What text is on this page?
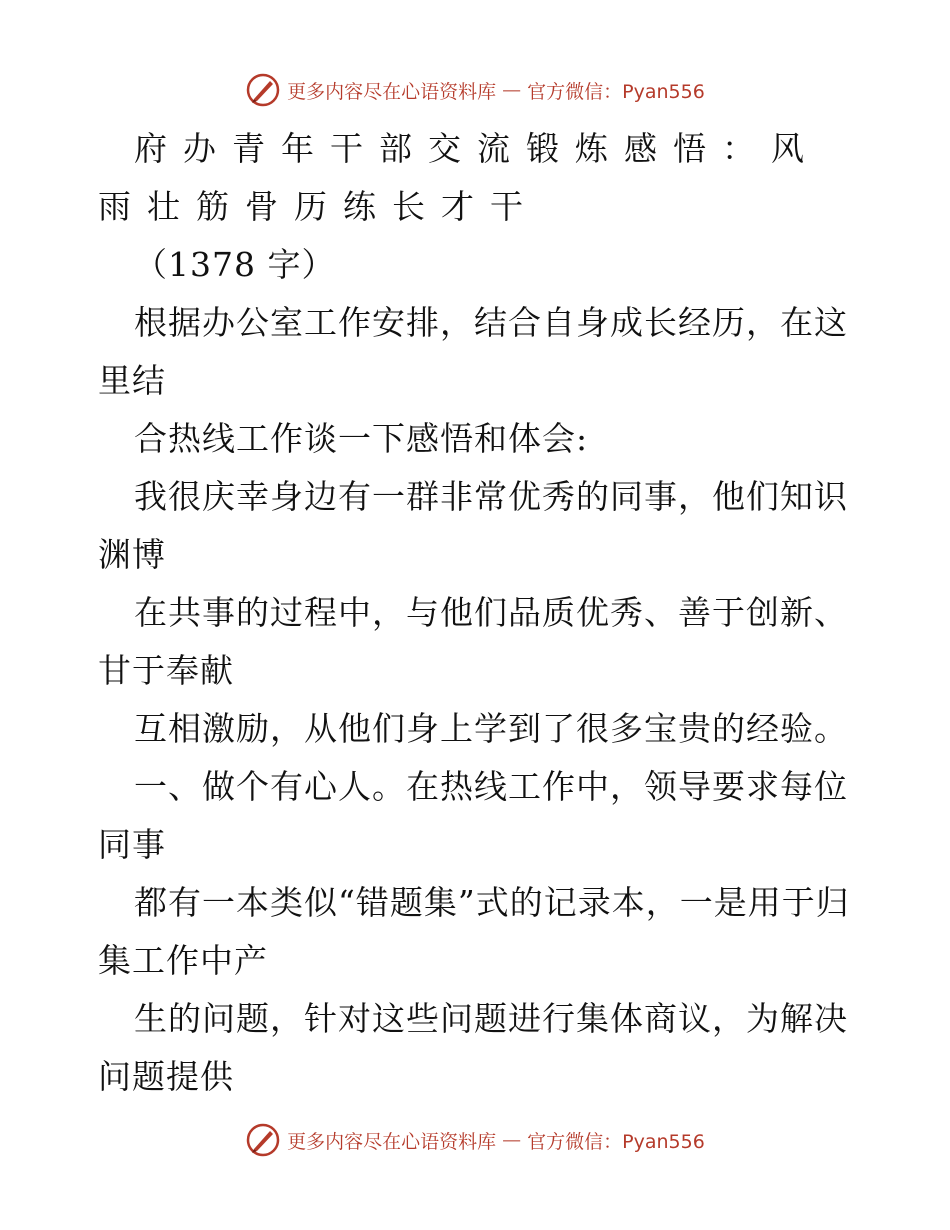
更多内容尽在心语资料库 — 官方微信：Pyan556
府办青年干部交流锻炼感悟：风雨壮筋骨历练长才干

（1378 字）

根据办公室工作安排，结合自身成长经历，在这里结

合热线工作谈一下感悟和体会:

我很庆幸身边有一群非常优秀的同事，他们知识渊博

在共事的过程中，与他们品质优秀、善于创新、甘于奉献

互相激励，从他们身上学到了很多宝贵的经验。

一、做个有心人。在热线工作中，领导要求每位同事

都有一本类似“错题集”式的记录本，一是用于归集工作中产

生的问题，针对这些问题进行集体商议，为解决问题提供

更多内容尽在心语资料库 — 官方微信：Pyan556
